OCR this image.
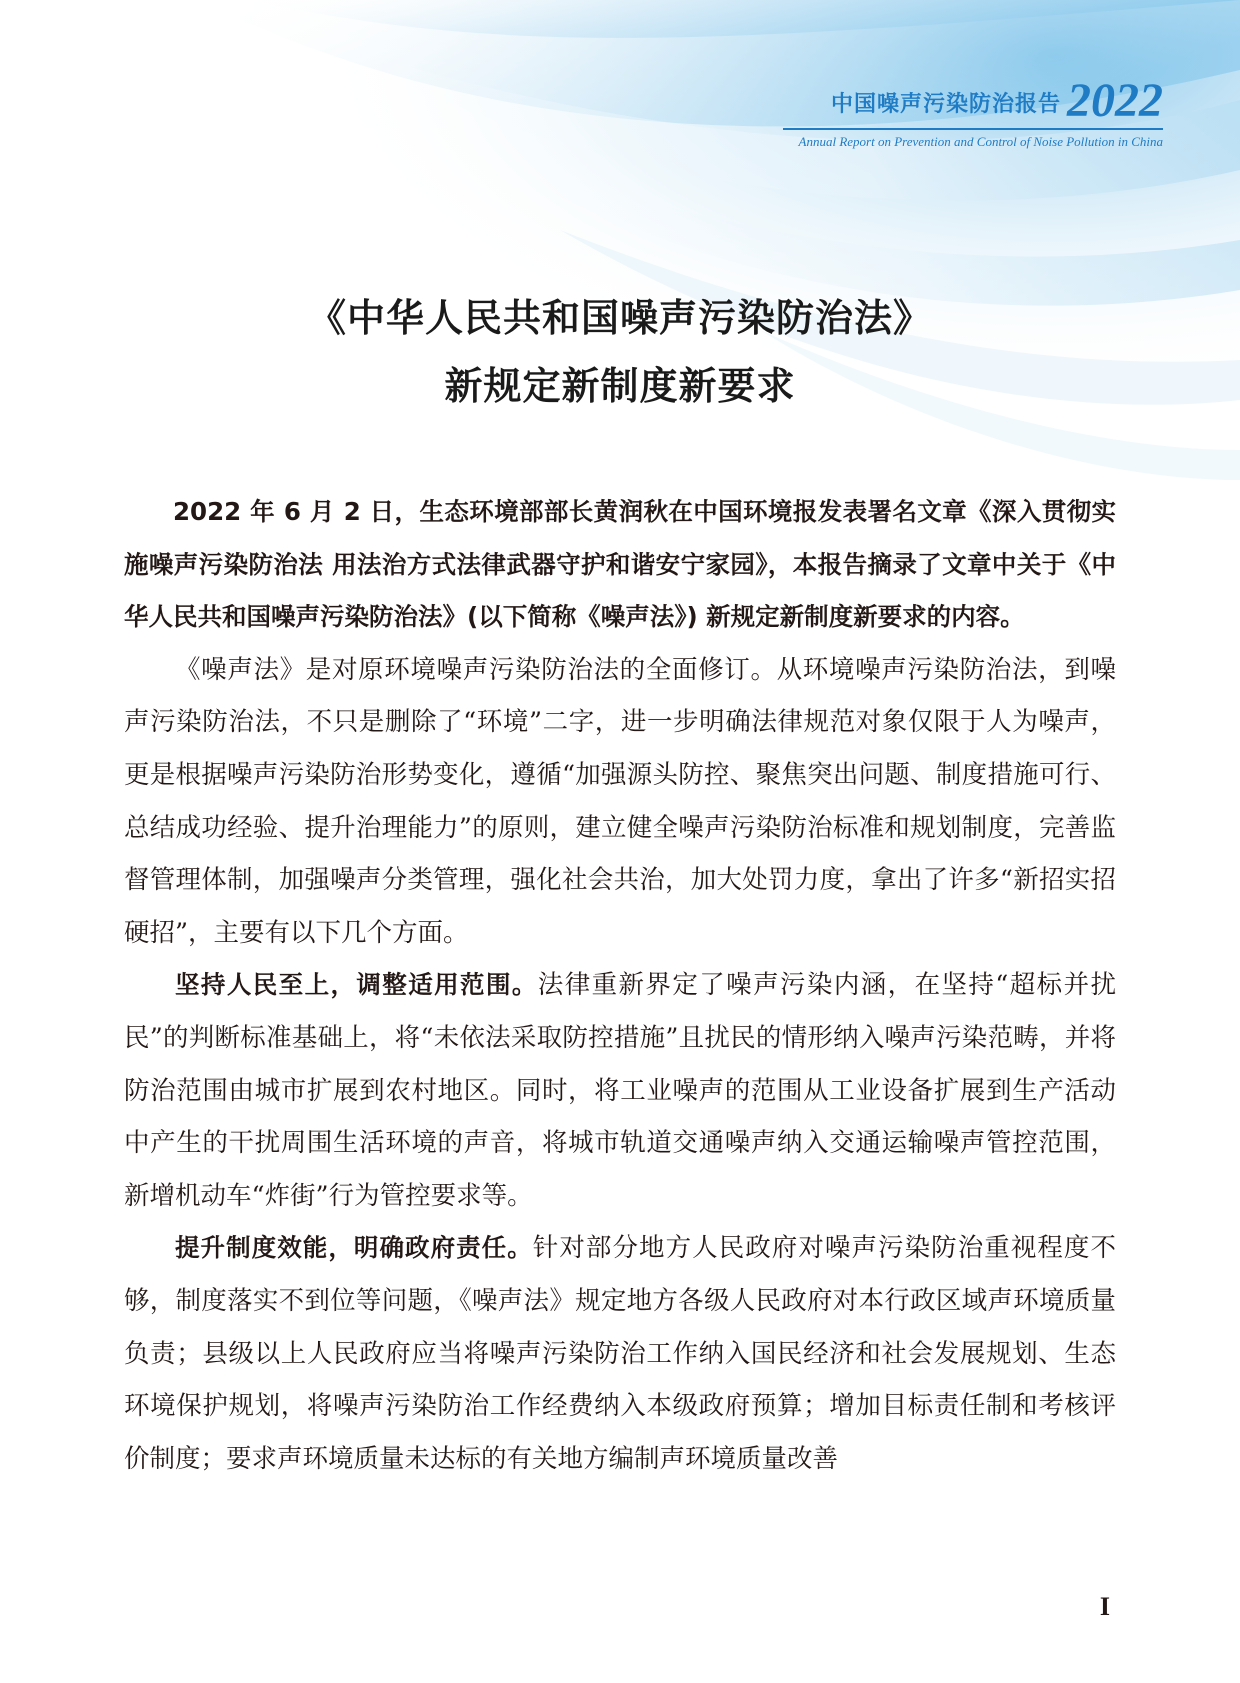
中国噪声污染防治报告 2022
Annual Report on Prevention and Control of Noise Pollution in China
《中华人民共和国噪声污染防治法》
新规定新制度新要求

2022 年 6 月 2 日，生态环境部部长黄润秋在中国环境报发表署名文章《深入贯彻实施噪声污染防治法 用法治方式法律武器守护和谐安宁家园》，本报告摘录了文章中关于《中华人民共和国噪声污染防治法》(以下简称《噪声法》) 新规定新制度新要求的内容。

《噪声法》是对原环境噪声污染防治法的全面修订。从环境噪声污染防治法，到噪声污染防治法，不只是删除了“环境”二字，进一步明确法律规范对象仅限于人为噪声，更是根据噪声污染防治形势变化，遵循“加强源头防控、聚焦突出问题、制度措施可行、总结成功经验、提升治理能力”的原则，建立健全噪声污染防治标准和规划制度，完善监督管理体制，加强噪声分类管理，强化社会共治，加大处罚力度，拿出了许多“新招实招硬招”，主要有以下几个方面。

坚持人民至上，调整适用范围。法律重新界定了噪声污染内涵，在坚持“超标并扰民”的判断标准基础上，将“未依法采取防控措施”且扰民的情形纳入噪声污染范畴，并将防治范围由城市扩展到农村地区。同时，将工业噪声的范围从工业设备扩展到生产活动中产生的干扰周围生活环境的声音，将城市轨道交通噪声纳入交通运输噪声管控范围，新增机动车“炸街”行为管控要求等。

提升制度效能，明确政府责任。针对部分地方人民政府对噪声污染防治重视程度不够，制度落实不到位等问题，《噪声法》规定地方各级人民政府对本行政区域声环境质量负责；县级以上人民政府应当将噪声污染防治工作纳入国民经济和社会发展规划、生态环境保护规划，将噪声污染防治工作经费纳入本级政府预算；增加目标责任制和考核评价制度；要求声环境质量未达标的有关地方编制声环境质量改善

I
